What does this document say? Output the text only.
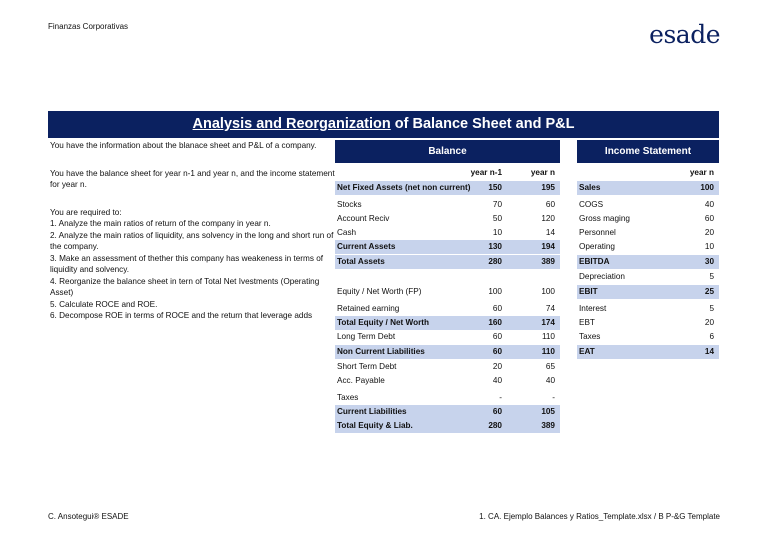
Finanzas Corporativas	esade
Analysis and Reorganization of Balance Sheet and P&L

You have the information about the blanace sheet and P&L of a company.

You have the balance sheet for year n-1 and year n, and the income statement for year n.

You are required to:

1. Analyze the main ratios of return of the company in year n.

2. Analyze the main ratios of liquidity, ans solvency in the long and short run of the company.

3. Make an assessment of thether this company has weakeness in terms of liquidity and solvency.

4. Reorganize the balance sheet in tern of Total Net Ivestments (Operating Asset)

5. Calculate ROCE and ROE.

6. Decompose ROE in terms of ROCE and the return that leverage adds

Balance
year n-1	year n
Net Fixed Assets (net non current) 150	195
Stocks	70	60
Account Reciv	50	120
Cash	10	14
Current Assets	130	194
Total Assets	280	389
Equity / Net Worth (FP)	100	100
Retained earning	60	74
Total Equity / Net Worth	160	174
Long Term Debt	60	110
Non Current Liabilities	60	110
Short Term Debt	20	65
Acc. Payable	40	40
Taxes	-	-
Current Liabilities	60	105
Total Equity & Liab.	280	389
Income Statement
year n
Sales	100
COGS	40
Gross maging	60
Personnel	20
Operating	10
EBITDA	30
Depreciation	5
EBIT	25
Interest	5
EBT	20
Taxes	6
EAT	14
C. Ansotegui® ESADE	1. CA. Ejemplo Balances y Ratios_Template.xlsx / B P-&G Template
